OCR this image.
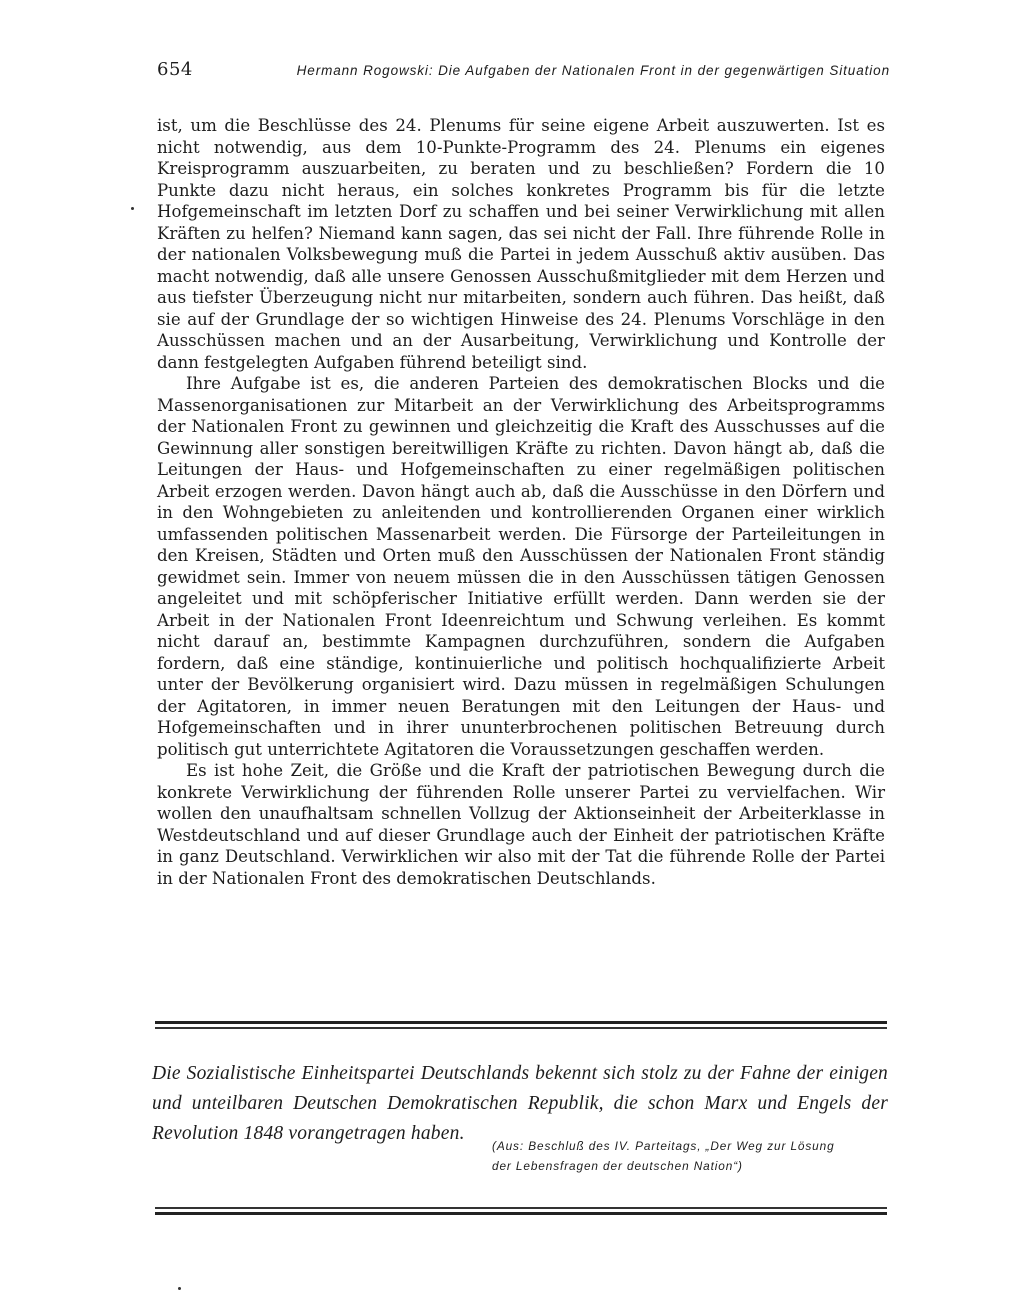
654	Hermann Rogowski: Die Aufgaben der Nationalen Front in der gegenwärtigen Situation

ist, um die Beschlüsse des 24. Plenums für seine eigene Arbeit auszuwerten. Ist es nicht notwendig, aus dem 10-Punkte-Programm des 24. Plenums ein eigenes Kreisprogramm auszuarbeiten, zu beraten und zu beschließen? Fordern die 10 Punkte dazu nicht heraus, ein solches konkretes Programm bis für die letzte Hofgemeinschaft im letzten Dorf zu schaffen und bei seiner Verwirklichung mit allen Kräften zu helfen? Niemand kann sagen, das sei nicht der Fall. Ihre führende Rolle in der nationalen Volksbewegung muß die Partei in jedem Ausschuß aktiv ausüben. Das macht notwendig, daß alle unsere Genossen Ausschußmitglieder mit dem Herzen und aus tiefster Überzeugung nicht nur mitarbeiten, sondern auch führen. Das heißt, daß sie auf der Grundlage der so wichtigen Hinweise des 24. Plenums Vorschläge in den Ausschüssen machen und an der Ausarbeitung, Verwirklichung und Kontrolle der dann festgelegten Aufgaben führend beteiligt sind.

Ihre Aufgabe ist es, die anderen Parteien des demokratischen Blocks und die Massenorganisationen zur Mitarbeit an der Verwirklichung des Arbeitsprogramms der Nationalen Front zu gewinnen und gleichzeitig die Kraft des Ausschusses auf die Gewinnung aller sonstigen bereitwilligen Kräfte zu richten. Davon hängt ab, daß die Leitungen der Haus- und Hofgemeinschaften zu einer regelmäßigen politischen Arbeit erzogen werden. Davon hängt auch ab, daß die Ausschüsse in den Dörfern und in den Wohngebieten zu anleitenden und kontrollierenden Organen einer wirklich umfassenden politischen Massenarbeit werden. Die Fürsorge der Parteileitungen in den Kreisen, Städten und Orten muß den Ausschüssen der Nationalen Front ständig gewidmet sein. Immer von neuem müssen die in den Ausschüssen tätigen Genossen angeleitet und mit schöpferischer Initiative erfüllt werden. Dann werden sie der Arbeit in der Nationalen Front Ideenreichtum und Schwung verleihen. Es kommt nicht darauf an, bestimmte Kampagnen durchzuführen, sondern die Aufgaben fordern, daß eine ständige, kontinuierliche und politisch hochqualifizierte Arbeit unter der Bevölkerung organisiert wird. Dazu müssen in regelmäßigen Schulungen der Agitatoren, in immer neuen Beratungen mit den Leitungen der Haus- und Hofgemeinschaften und in ihrer ununterbrochenen politischen Betreuung durch politisch gut unterrichtete Agitatoren die Voraussetzungen geschaffen werden.

Es ist hohe Zeit, die Größe und die Kraft der patriotischen Bewegung durch die konkrete Verwirklichung der führenden Rolle unserer Partei zu vervielfachen. Wir wollen den unaufhaltsam schnellen Vollzug der Aktionseinheit der Arbeiterklasse in Westdeutschland und auf dieser Grundlage auch der Einheit der patriotischen Kräfte in ganz Deutschland. Verwirklichen wir also mit der Tat die führende Rolle der Partei in der Nationalen Front des demokratischen Deutschlands.

Die Sozialistische Einheitspartei Deutschlands bekennt sich stolz zu der Fahne der einigen und unteilbaren Deutschen Demokratischen Republik, die schon Marx und Engels der Revolution 1848 vorangetragen haben.
(Aus: Beschluß des IV. Parteitags, „Der Weg zur Lösung
der Lebensfragen der deutschen Nation“)
